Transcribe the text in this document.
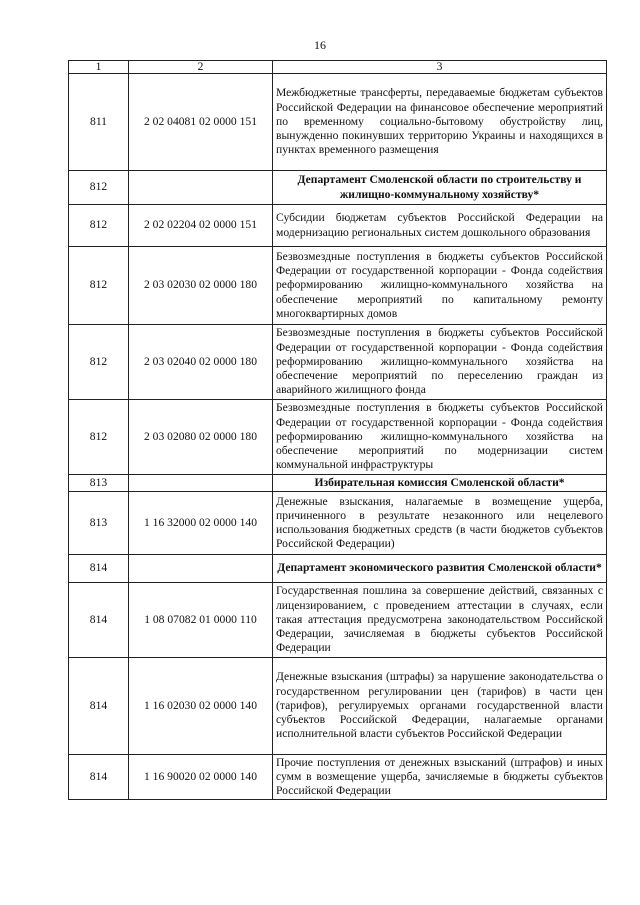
16
1	2	3
811	2 02 04081 02 0000 151	Межбюджетные трансферты, передаваемые бюджетам субъектов Российской Федерации на финансовое обеспечение мероприятий по временному социально-бытовому обустройству лиц, вынужденно покинувших территорию Украины и находящихся в пунктах временного размещения
812		Департамент Смоленской области по строительству и жилищно-коммунальному хозяйству*
812	2 02 02204 02 0000 151	Субсидии бюджетам субъектов Российской Федерации на модернизацию региональных систем дошкольного образования
812	2 03 02030 02 0000 180	Безвозмездные поступления в бюджеты субъектов Российской Федерации от государственной корпорации - Фонда содействия реформированию жилищно-коммунального хозяйства на обеспечение мероприятий по капитальному ремонту многоквартирных домов
812	2 03 02040 02 0000 180	Безвозмездные поступления в бюджеты субъектов Российской Федерации от государственной корпорации - Фонда содействия реформированию жилищно-коммунального хозяйства на обеспечение мероприятий по переселению граждан из аварийного жилищного фонда
812	2 03 02080 02 0000 180	Безвозмездные поступления в бюджеты субъектов Российской Федерации от государственной корпорации - Фонда содействия реформированию жилищно-коммунального хозяйства на обеспечение мероприятий по модернизации систем коммунальной инфраструктуры
813		Избирательная комиссия Смоленской области*
813	1 16 32000 02 0000 140	Денежные взыскания, налагаемые в возмещение ущерба, причиненного в результате незаконного или нецелевого использования бюджетных средств (в части бюджетов субъектов Российской Федерации)
814		Департамент экономического развития Смоленской области*
814	1 08 07082 01 0000 110	Государственная пошлина за совершение действий, связанных с лицензированием, с проведением аттестации в случаях, если такая аттестация предусмотрена законодательством Российской Федерации, зачисляемая в бюджеты субъектов Российской Федерации
814	1 16 02030 02 0000 140	Денежные взыскания (штрафы) за нарушение законодательства о государственном регулировании цен (тарифов) в части цен (тарифов), регулируемых органами государственной власти субъектов Российской Федерации, налагаемые органами исполнительной власти субъектов Российской Федерации
814	1 16 90020 02 0000 140	Прочие поступления от денежных взысканий (штрафов) и иных сумм в возмещение ущерба, зачисляемые в бюджеты субъектов Российской Федерации
